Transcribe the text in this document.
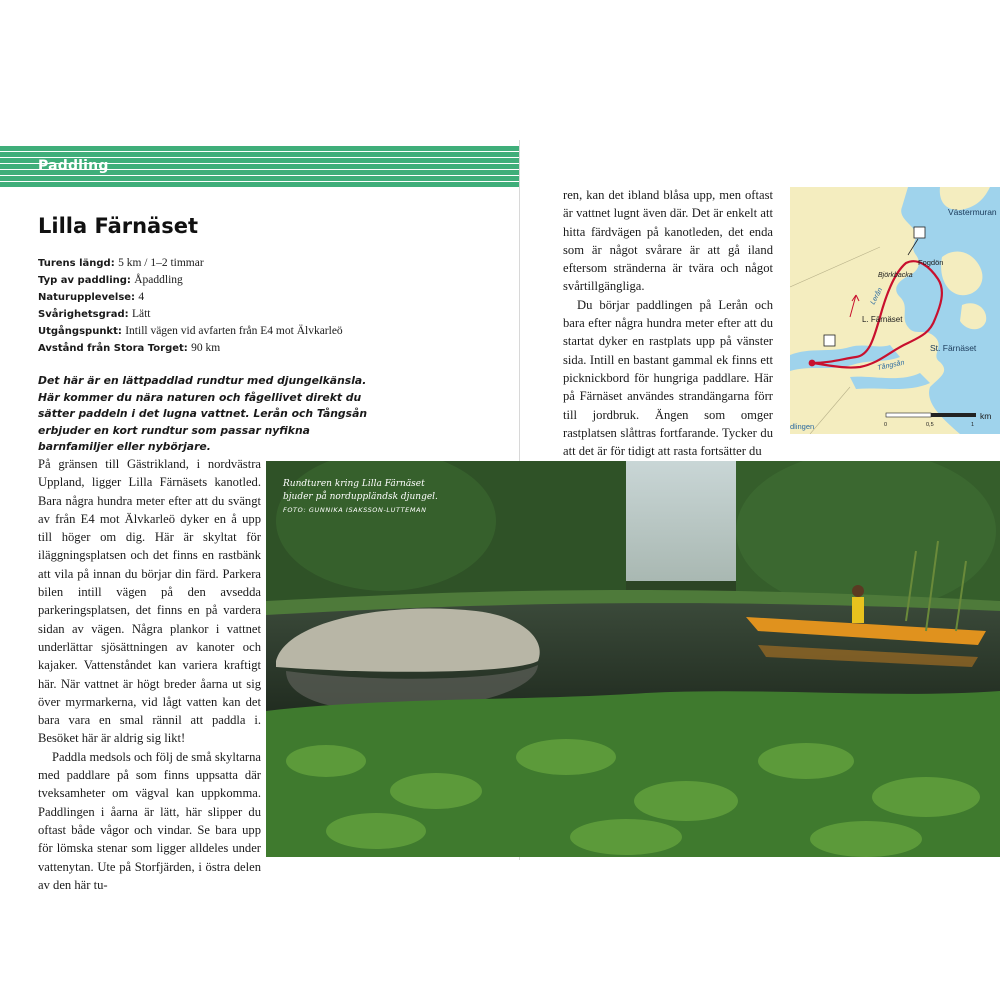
Paddling
Lilla Färnäset
Turens längd: 5 km / 1–2 timmar
Typ av paddling: Åpaddling
Naturupplevelse: 4
Svårighetsgrad: Lätt
Utgångspunkt: Intill vägen vid avfarten från E4 mot Älvkarleö
Avstånd från Stora Torget: 90 km

Det här är en lättpaddlad rundtur med djungelkänsla. Här kommer du nära naturen och fågellivet direkt du sätter paddeln i det lugna vattnet. Lerån och Tångsån erbjuder en kort rundtur som passar nyfikna barnfamiljer eller nybörjare.

På gränsen till Gästrikland, i nordvästra Uppland, ligger Lilla Färnäsets kanotled. Bara några hundra meter efter att du svängt av från E4 mot Älvkarleö dyker en å upp till höger om dig. Här är skyltat för iläggningsplatsen och det finns en rastbänk att vila på innan du börjar din färd. Parkera bilen intill vägen på den avsedda parkeringsplatsen, det finns en på vardera sidan av vägen. Några plankor i vattnet underlättar sjösättningen av kanoter och kajaker. Vattenståndet kan variera kraftigt här. När vattnet är högt breder åarna ut sig över myrmarkerna, vid lågt vatten kan det bara vara en smal rännil att paddla i. Besöket här är aldrig sig likt!

Paddla medsols och följ de små skyltarna med paddlare på som finns uppsatta där tveksamheter om vägval kan uppkomma. Paddlingen i åarna är lätt, här slipper du oftast både vågor och vindar. Se bara upp för lömska stenar som ligger alldeles under vattenytan. Ute på Storfjärden, i östra delen av den här tu-

ren, kan det ibland blåsa upp, men oftast är vattnet lugnt även där. Det är enkelt att hitta färdvägen på kanotleden, det enda som är något svårare är att gå iland eftersom stränderna är tvära och något svårtillgängliga.

Du börjar paddlingen på Lerån och bara efter några hundra meter efter att du startat dyker en rastplats upp på vänster sida. Intill en bastant gammal ek finns ett picknickbord för hungriga paddlare. Här på Färnäset användes strandängarna förr till jordbruk. Ängen som omger rastplatsen slåttras fortfarande. Tycker du att det är för tidigt att rasta fortsätter du

Västermuran
Fogdön
Björkbacka
Lerån
L. Färnäset
St. Färnäset
Tångsån
dlingen	0	0,5	1
km

Rundturen kring Lilla Färnäset bjuder på norduppländsk djungel.

FOTO: GUNNIKA ISAKSSON-LUTTEMAN
